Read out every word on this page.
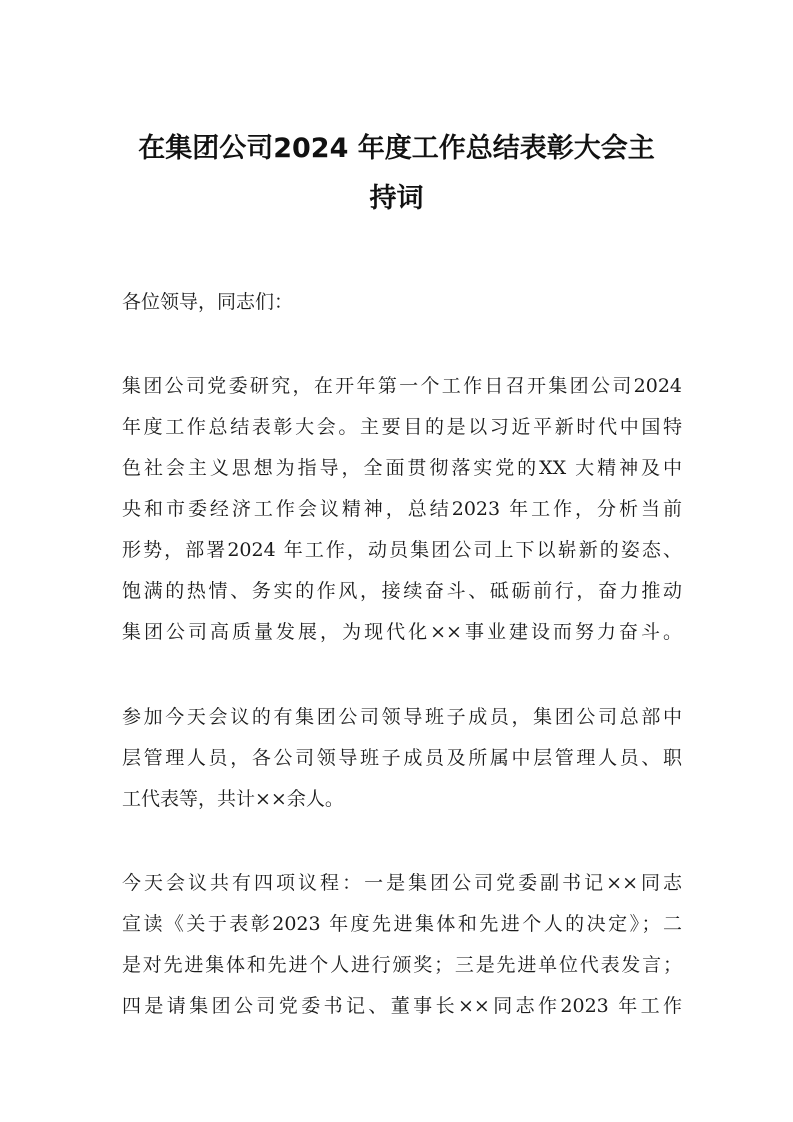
在集团公司2024 年度工作总结表彰大会主
持词

各位领导，同志们：

集团公司党委研究，在开年第一个工作日召开集团公司2024

年度工作总结表彰大会。主要目的是以习近平新时代中国特

色社会主义思想为指导，全面贯彻落实党的XX 大精神及中

央和市委经济工作会议精神，总结2023 年工作，分析当前

形势，部署2024 年工作，动员集团公司上下以崭新的姿态、

饱满的热情、务实的作风，接续奋斗、砥砺前行，奋力推动

集团公司高质量发展，为现代化××事业建设而努力奋斗。

参加今天会议的有集团公司领导班子成员，集团公司总部中

层管理人员，各公司领导班子成员及所属中层管理人员、职

工代表等，共计××余人。

今天会议共有四项议程：一是集团公司党委副书记××同志

宣读《关于表彰2023 年度先进集体和先进个人的决定》；二

是对先进集体和先进个人进行颁奖；三是先进单位代表发言；

四是请集团公司党委书记、董事长××同志作2023 年工作
